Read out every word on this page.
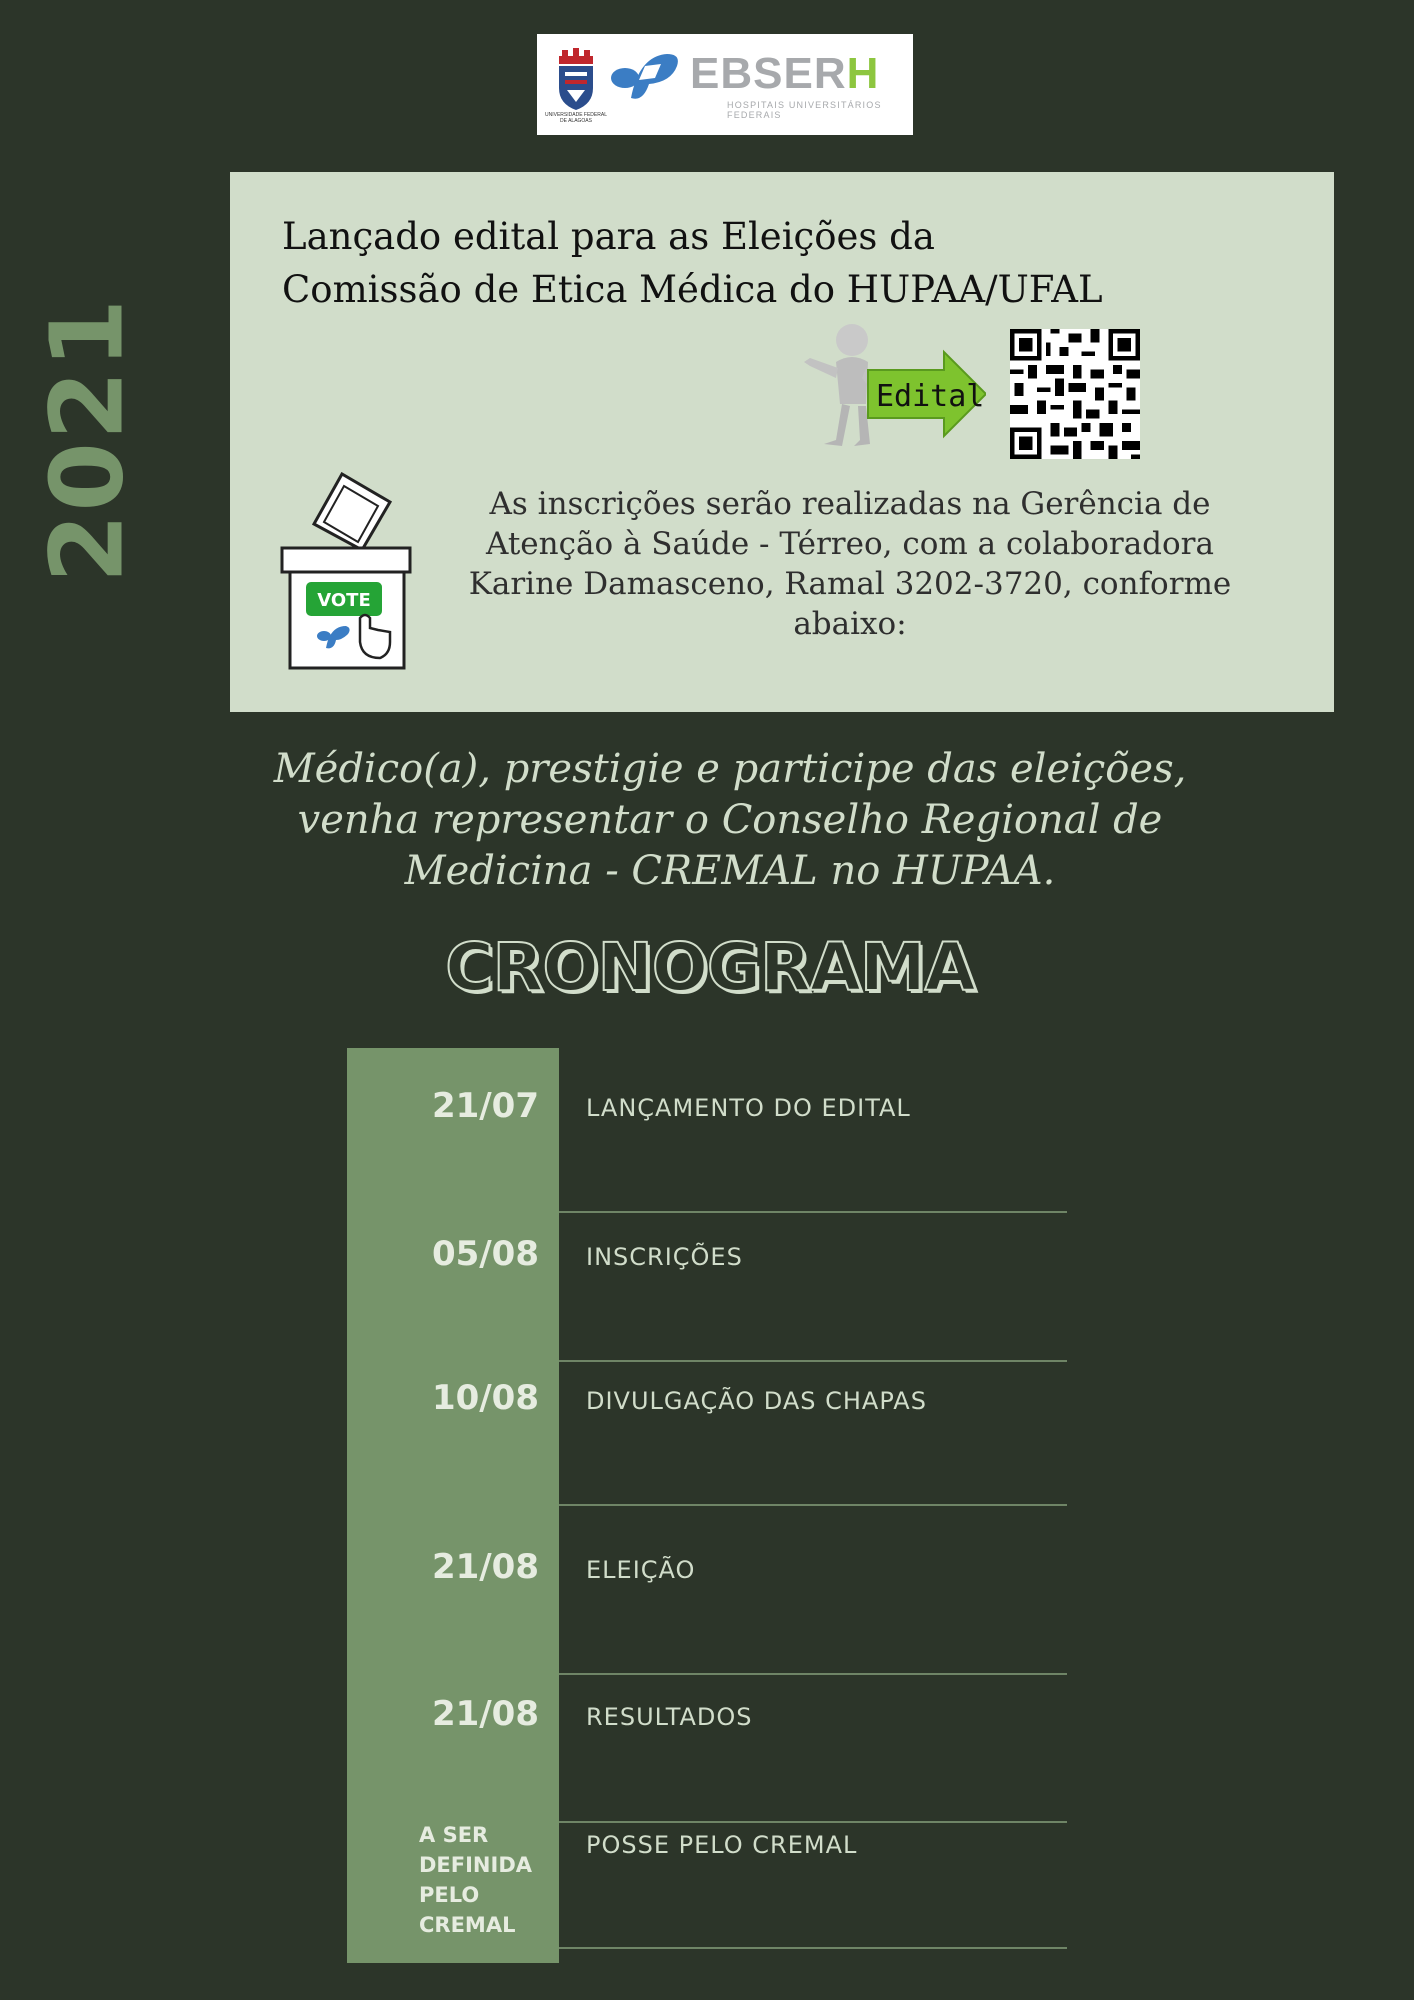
UNIVERSIDADE FEDERAL DE ALAGOAS
EBSERH
HOSPITAIS UNIVERSITÁRIOS FEDERAIS
2021
Lançado edital para as Eleições da
Comissão de Etica Médica do HUPAA/UFAL
Edital
VOTE
As inscrições serão realizadas na Gerência de Atenção à Saúde - Térreo, com a colaboradora Karine Damasceno, Ramal 3202-3720, conforme abaixo:
Médico(a), prestigie e participe das eleições, venha representar o Conselho Regional de Medicina - CREMAL no HUPAA.
CRONOGRAMA
21/07 LANÇAMENTO DO EDITAL
05/08 INSCRIÇÕES
10/08 DIVULGAÇÃO DAS CHAPAS
21/08 ELEIÇÃO
21/08 RESULTADOS
A SER DEFINIDA PELO CREMAL
POSSE PELO CREMAL
